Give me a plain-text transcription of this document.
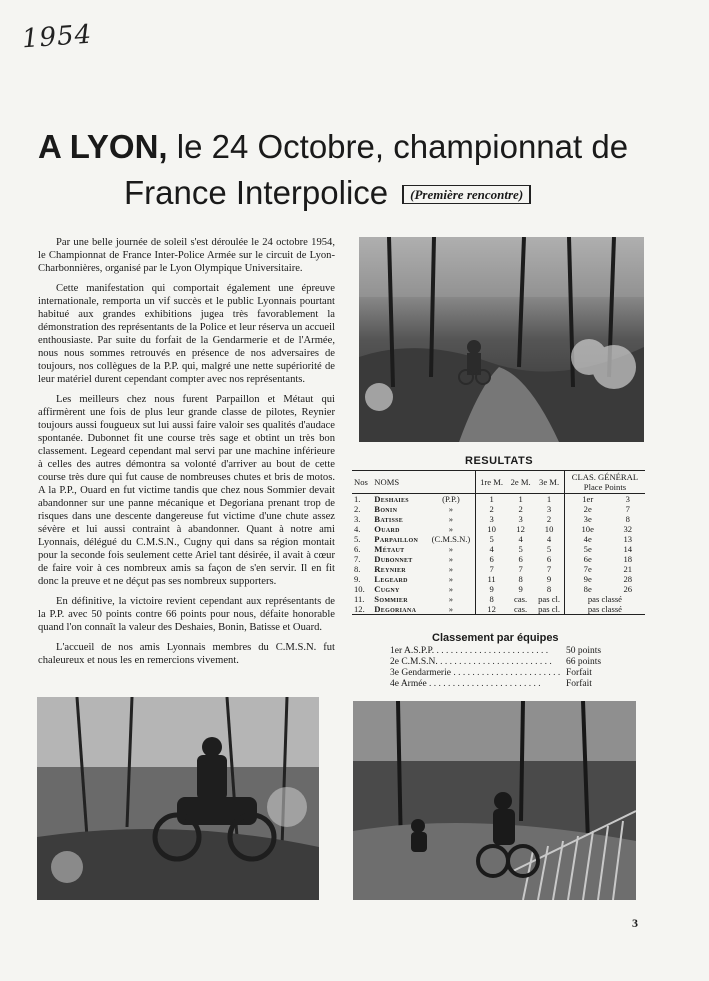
1954
A LYON, le 24 Octobre, championnat de
France Interpolice (Première rencontre)

Par une belle journée de soleil s'est déroulée le 24 octobre 1954, le Championnat de France Inter-Police Armée sur le circuit de Lyon-Charbonnières, organisé par le Lyon Olympique Universitaire.

Cette manifestation qui comportait également une épreuve internationale, remporta un vif succès et le public Lyonnais pourtant habitué aux grandes exhibitions jugea très favorablement la démonstration des représentants de la Police et leur réserva un accueil enthousiaste. Par suite du forfait de la Gendarmerie et de l'Armée, nous nous sommes retrouvés en présence de nos adversaires de toujours, nos collègues de la P.P. qui, malgré une nette supériorité de leur matériel durent cependant compter avec nos représentants.

Les meilleurs chez nous furent Parpaillon et Métaut qui affirmèrent une fois de plus leur grande classe de pilotes, Reynier toujours aussi fougueux sut lui aussi faire valoir ses qualités d'audace spontanée. Dubonnet fit une course très sage et obtint un très bon classement. Legeard cependant mal servi par une machine inférieure à celles des autres démontra sa volonté d'arriver au bout de cette course très dure qui fut cause de nombreuses chutes et bris de motos. A la P.P., Ouard en fut victime tandis que chez nous Sommier devait abandonner sur une panne mécanique et Degoriana prenant trop de risques dans une descente dangereuse fut victime d'une chute assez sévère et lui aussi contraint à abandonner. Quant à notre ami Lyonnais, délégué du C.M.S.N., Cugny qui dans sa région montait pour la seconde fois seulement cette Ariel tant désirée, il avait à cœur de faire voir à ces nombreux amis sa façon de s'en servir. Il en fit donc la preuve et ne déçut pas ses nombreux supporters.

En définitive, la victoire revient cependant aux représentants de la P.P. avec 50 points contre 66 points pour nous, défaite honorable quand l'on connaît la valeur des Deshaies, Bonin, Batisse et Ouard.

L'accueil de nos amis Lyonnais membres du C.M.S.N. fut chaleureux et nous les en remercions vivement.

RESULTATS
Nos	NOMS		1re M.	2e M.	3e M.	CLAS. GÉNÉRAL
Place Points	

1.	Deshaies	(P.P.)	1	1	1	1er	3
2.	Bonin	»	2	2	3	2e	7
3.	Batisse	»	3	3	2	3e	8
4.	Ouard	»	10	12	10	10e	32
5.	Parpaillon	(C.M.S.N.)	5	4	4	4e	13
6.	Métaut	»	4	5	5	5e	14
7.	Dubonnet	»	6	6	6	6e	18
8.	Reynier	»	7	7	7	7e	21
9.	Legeard	»	11	8	9	9e	28
10.	Cugny	»	9	9	8	8e	26
11.	Sommier	»	8	cas.	pas cl.	pas classé	
12.	Degoriana	»	12	cas.	pas cl.	pas classé	
Classement par équipes
1er A.S.P.P. . . .	50 points
2e C.M.S.N. . . .	66 points
3e Gendarmerie . . .	Forfait
4e Armée . . .	Forfait
3
